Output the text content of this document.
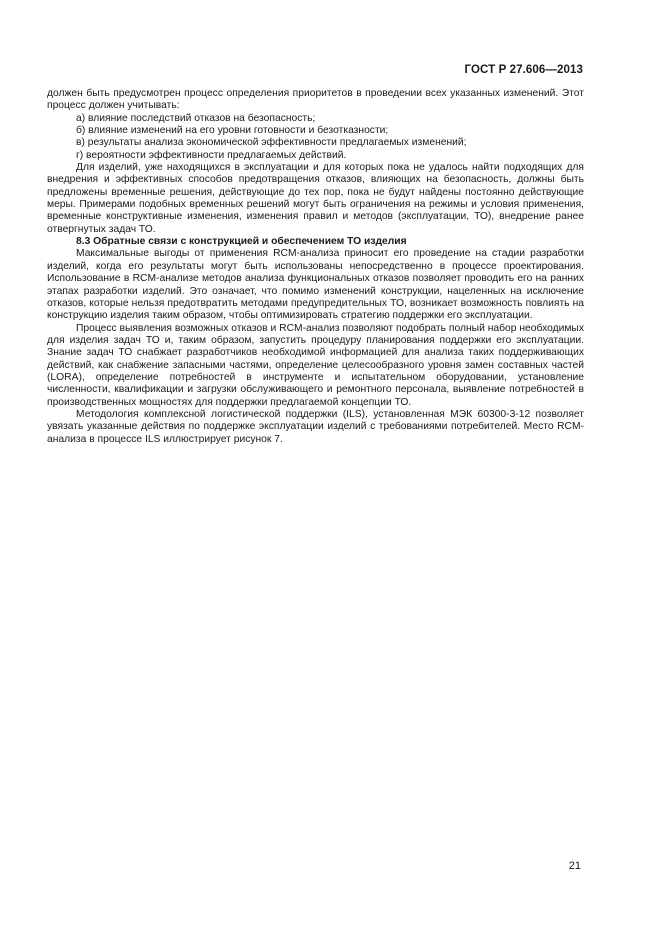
ГОСТ Р 27.606—2013

должен быть предусмотрен процесс определения приоритетов в проведении всех указанных изменений. Этот процесс должен учитывать:

а) влияние последствий отказов на безопасность;

б) влияние изменений на его уровни готовности и безотказности;

в) результаты анализа экономической эффективности предлагаемых изменений;

г) вероятности эффективности предлагаемых действий.

Для изделий, уже находящихся в эксплуатации и для которых пока не удалось найти подходящих для внедрения и эффективных способов предотвращения отказов, влияющих на безопасность, должны быть предложены временные решения, действующие до тех пор, пока не будут найдены постоянно действующие меры. Примерами подобных временных решений могут быть ограничения на режимы и условия применения, временные конструктивные изменения, изменения правил и методов (эксплуатации, ТО), внедрение ранее отвергнутых задач ТО.

8.3 Обратные связи с конструкцией и обеспечением ТО изделия

Максимальные выгоды от применения RCM-анализа приносит его проведение на стадии разработки изделий, когда его результаты могут быть использованы непосредственно в процессе проектирования. Использование в RCM-анализе методов анализа функциональных отказов позволяет проводить его на ранних этапах разработки изделий. Это означает, что помимо изменений конструкции, нацеленных на исключение отказов, которые нельзя предотвратить методами предупредительных ТО, возникает возможность повлиять на конструкцию изделия таким образом, чтобы оптимизировать стратегию поддержки его эксплуатации.

Процесс выявления возможных отказов и RCM-анализ позволяют подобрать полный набор необходимых для изделия задач ТО и, таким образом, запустить процедуру планирования поддержки его эксплуатации. Знание задач ТО снабжает разработчиков необходимой информацией для анализа таких поддерживающих действий, как снабжение запасными частями, определение целесообразного уровня замен составных частей (LORA), определение потребностей в инструменте и испытательном оборудовании, установление численности, квалификации и загрузки обслуживающего и ремонтного персонала, выявление потребностей в производственных мощностях для поддержки предлагаемой концепции ТО.

Методология комплексной логистической поддержки (ILS), установленная МЭК 60300-3-12 позволяет увязать указанные действия по поддержке эксплуатации изделий с требованиями потребителей. Место RCM-анализа в процессе ILS иллюстрирует рисунок 7.

21
